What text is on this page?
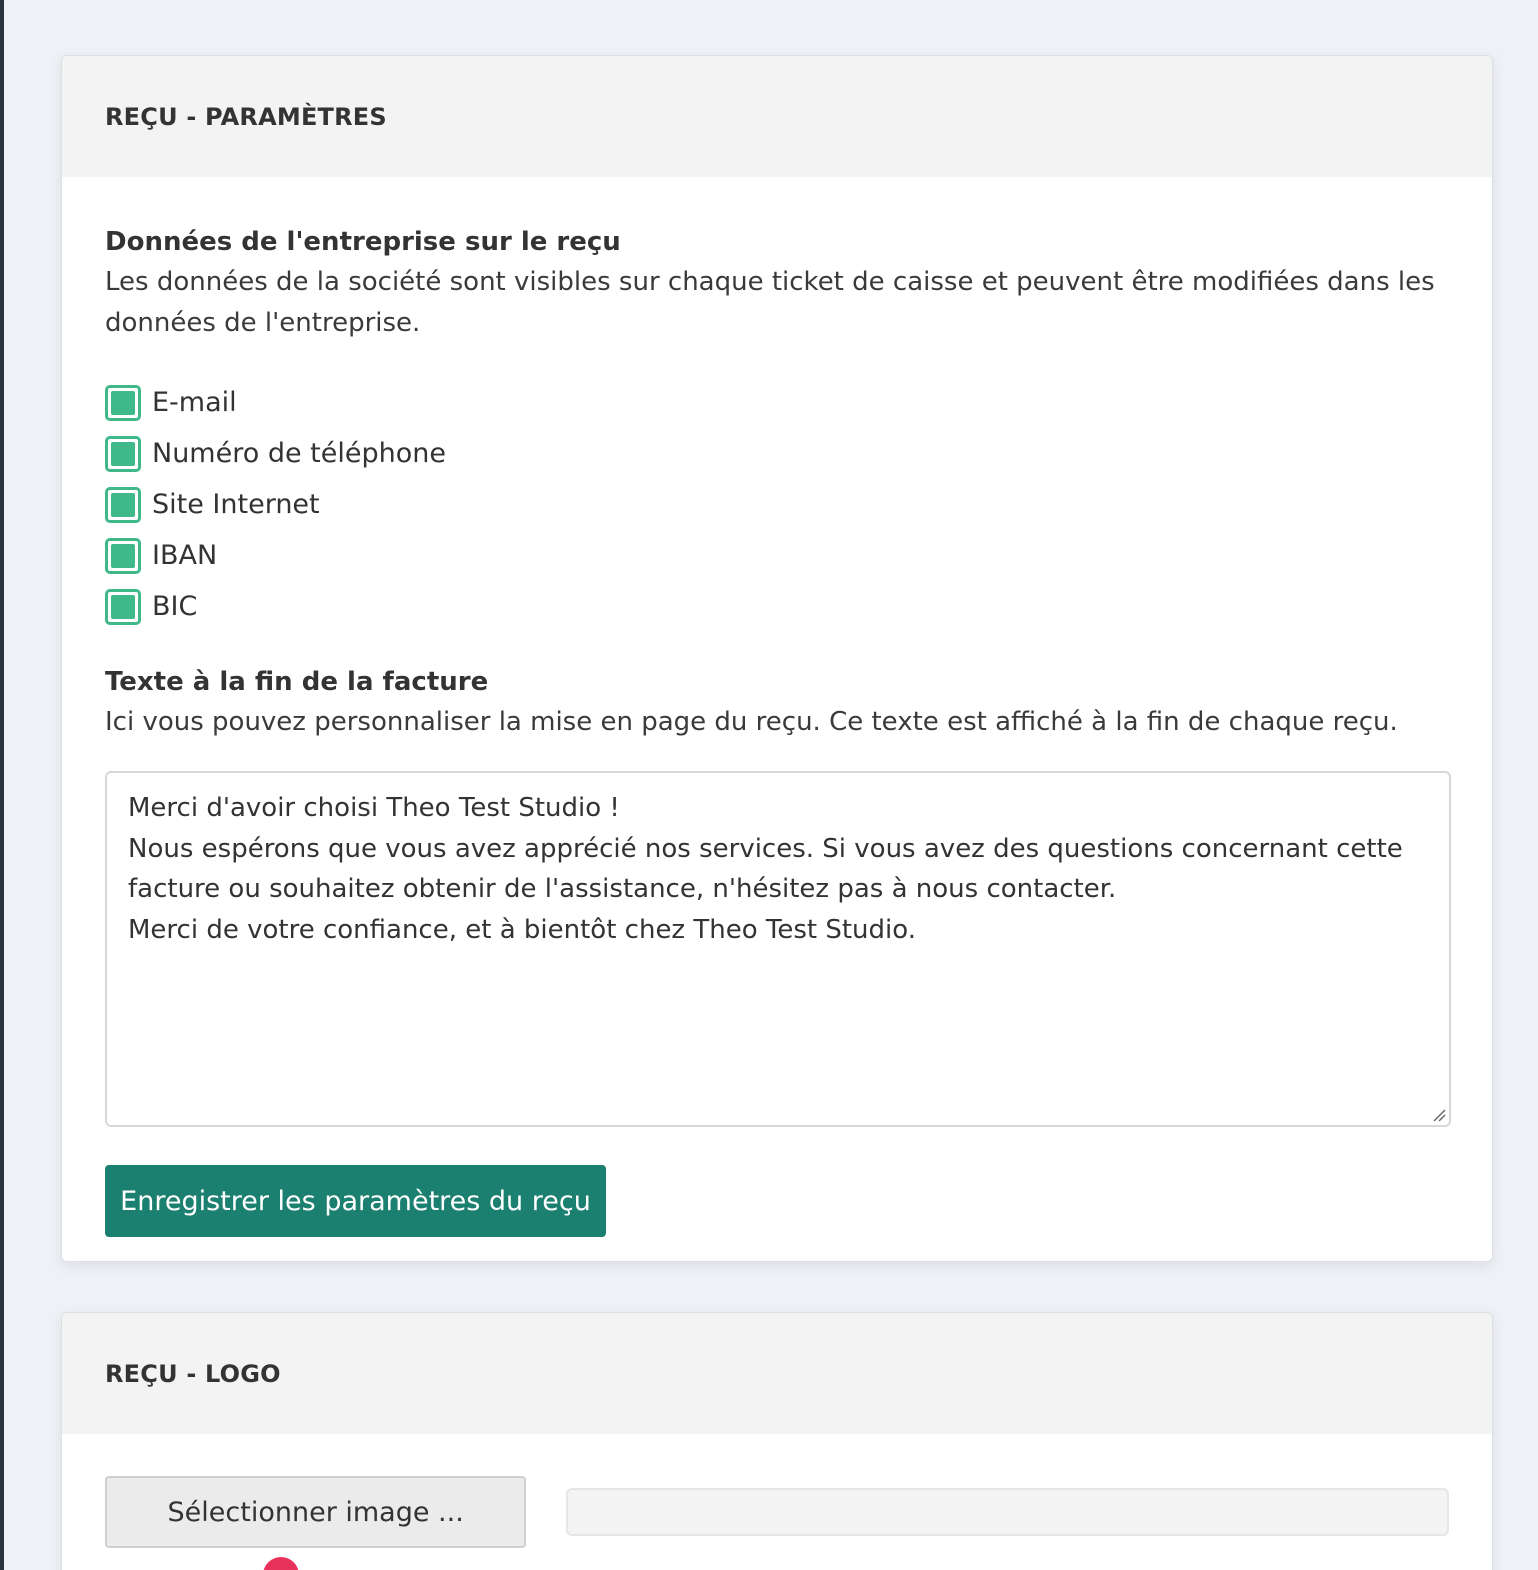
REÇU - PARAMÈTRES
Données de l'entreprise sur le reçu
Les données de la société sont visibles sur chaque ticket de caisse et peuvent être modifiées dans les données de l'entreprise.
E-mail
Numéro de téléphone
Site Internet
IBAN
BIC
Texte à la fin de la facture
Ici vous pouvez personnaliser la mise en page du reçu. Ce texte est affiché à la fin de chaque reçu.
Merci d'avoir choisi Theo Test Studio !
Nous espérons que vous avez apprécié nos services. Si vous avez des questions concernant cette facture ou souhaitez obtenir de l'assistance, n'hésitez pas à nous contacter.
Merci de votre confiance, et à bientôt chez Theo Test Studio.
Enregistrer les paramètres du reçu
REÇU - LOGO
Sélectionner image ...
